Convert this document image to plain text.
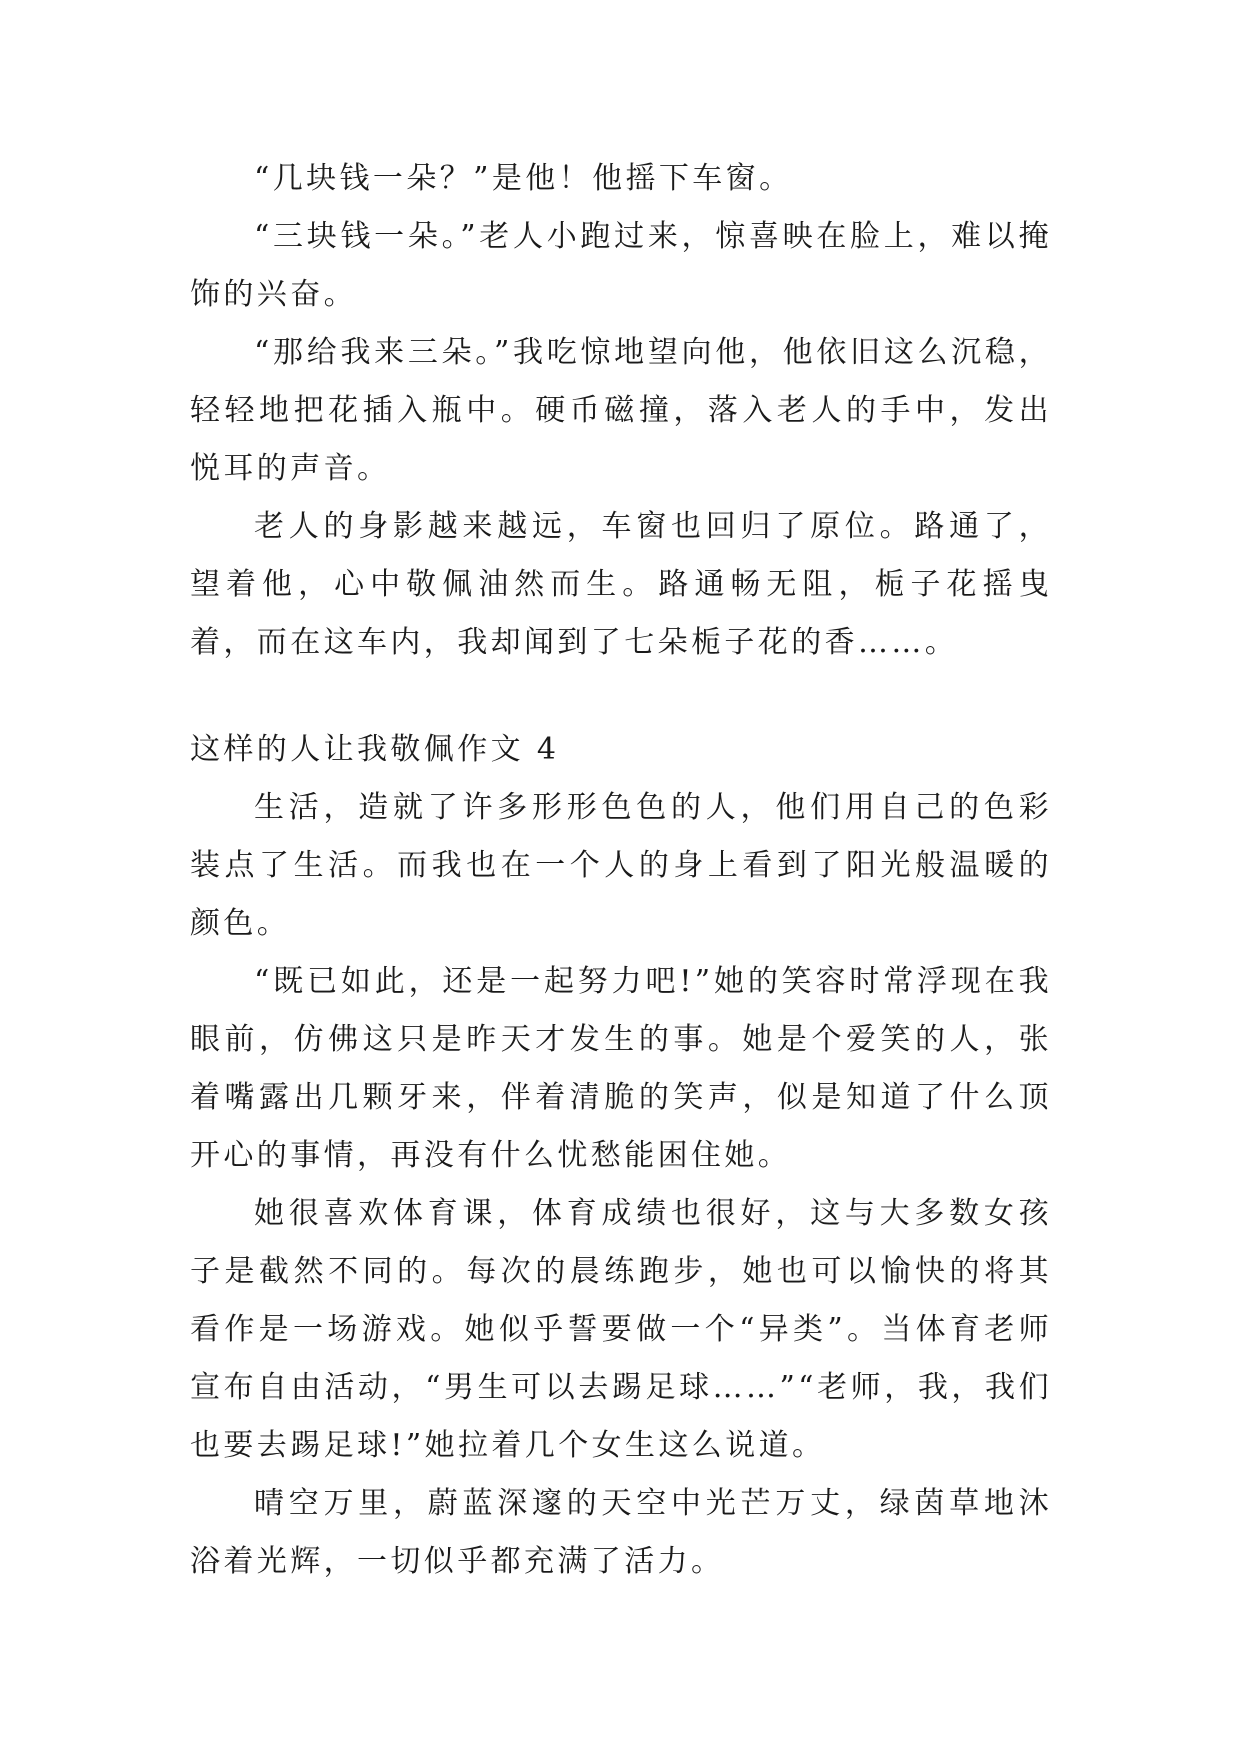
“几块钱一朵？”是他！他摇下车窗。

“三块钱一朵。”老人小跑过来，惊喜映在脸上，难以掩饰的兴奋。

“那给我来三朵。”我吃惊地望向他，他依旧这么沉稳，轻轻地把花插入瓶中。硬币磁撞，落入老人的手中，发出悦耳的声音。

老人的身影越来越远，车窗也回归了原位。路通了，望着他，心中敬佩油然而生。路通畅无阻，栀子花摇曳着，而在这车内，我却闻到了七朵栀子花的香……。

这样的人让我敬佩作文 4

生活，造就了许多形形色色的人，他们用自己的色彩装点了生活。而我也在一个人的身上看到了阳光般温暖的颜色。

“既已如此，还是一起努力吧!”她的笑容时常浮现在我眼前，仿佛这只是昨天才发生的事。她是个爱笑的人，张着嘴露出几颗牙来，伴着清脆的笑声，似是知道了什么顶开心的事情，再没有什么忧愁能困住她。

她很喜欢体育课，体育成绩也很好，这与大多数女孩子是截然不同的。每次的晨练跑步，她也可以愉快的将其看作是一场游戏。她似乎誓要做一个“异类”。当体育老师宣布自由活动，“男生可以去踢足球……”“老师，我，我们也要去踢足球!”她拉着几个女生这么说道。

晴空万里，蔚蓝深邃的天空中光芒万丈，绿茵草地沐浴着光辉，一切似乎都充满了活力。
